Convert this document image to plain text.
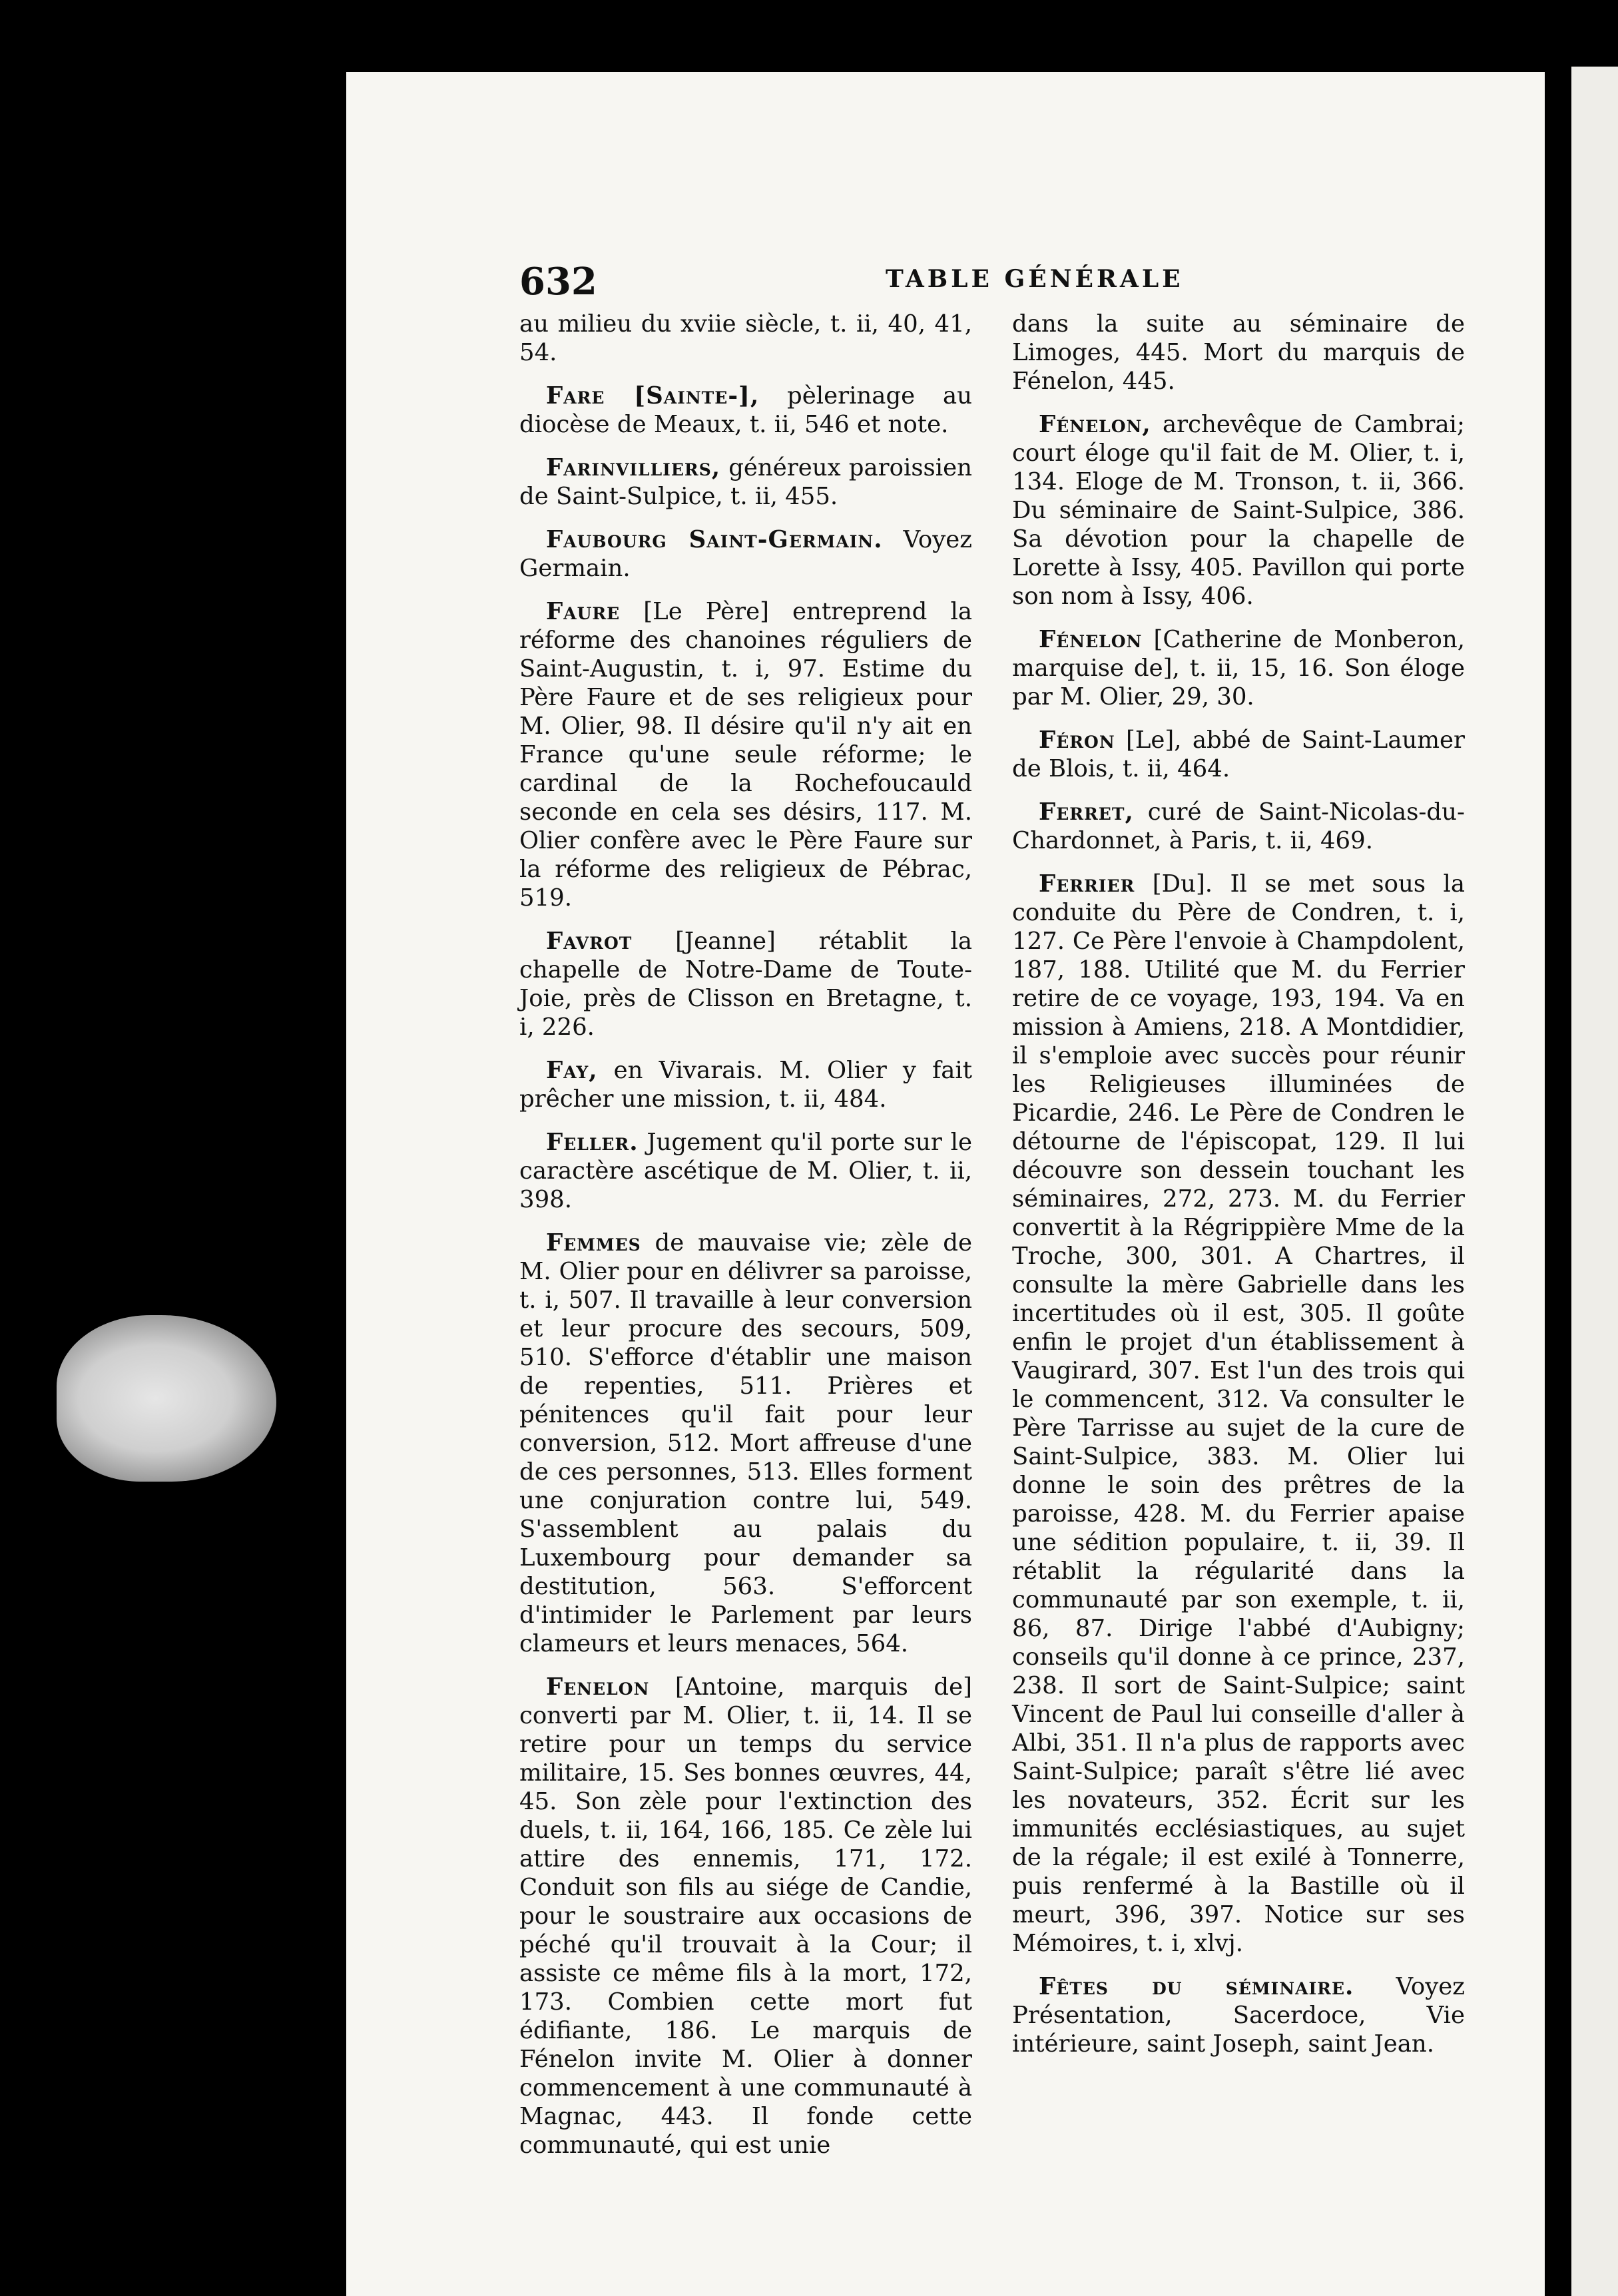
632	TABLE GÉNÉRALE

au milieu du xviie siècle, t. ii, 40, 41, 54.

Fare [Sainte-], pèlerinage au diocèse de Meaux, t. ii, 546 et note.

Farinvilliers, généreux paroissien de Saint-Sulpice, t. ii, 455.

Faubourg Saint-Germain. Voyez Germain.

Faure [Le Père] entreprend la réforme des chanoines réguliers de Saint-Augustin, t. i, 97. Estime du Père Faure et de ses religieux pour M. Olier, 98. Il désire qu'il n'y ait en France qu'une seule réforme; le cardinal de la Rochefoucauld seconde en cela ses désirs, 117. M. Olier confère avec le Père Faure sur la réforme des religieux de Pébrac, 519.

Favrot [Jeanne] rétablit la chapelle de Notre-Dame de Toute-Joie, près de Clisson en Bretagne, t. i, 226.

Fay, en Vivarais. M. Olier y fait prêcher une mission, t. ii, 484.

Feller. Jugement qu'il porte sur le caractère ascétique de M. Olier, t. ii, 398.

Femmes de mauvaise vie; zèle de M. Olier pour en délivrer sa paroisse, t. i, 507. Il travaille à leur conversion et leur procure des secours, 509, 510. S'efforce d'établir une maison de repenties, 511. Prières et pénitences qu'il fait pour leur conversion, 512. Mort affreuse d'une de ces personnes, 513. Elles forment une conjuration contre lui, 549. S'assemblent au palais du Luxembourg pour demander sa destitution, 563. S'efforcent d'intimider le Parlement par leurs clameurs et leurs menaces, 564.

Fenelon [Antoine, marquis de] converti par M. Olier, t. ii, 14. Il se retire pour un temps du service militaire, 15. Ses bonnes œuvres, 44, 45. Son zèle pour l'extinction des duels, t. ii, 164, 166, 185. Ce zèle lui attire des ennemis, 171, 172. Conduit son fils au siége de Candie, pour le soustraire aux occasions de péché qu'il trouvait à la Cour; il assiste ce même fils à la mort, 172, 173. Combien cette mort fut édifiante, 186. Le marquis de Fénelon invite M. Olier à donner commencement à une communauté à Magnac, 443. Il fonde cette communauté, qui est unie

dans la suite au séminaire de Limoges, 445. Mort du marquis de Fénelon, 445.

Fénelon, archevêque de Cambrai; court éloge qu'il fait de M. Olier, t. i, 134. Eloge de M. Tronson, t. ii, 366. Du séminaire de Saint-Sulpice, 386. Sa dévotion pour la chapelle de Lorette à Issy, 405. Pavillon qui porte son nom à Issy, 406.

Fénelon [Catherine de Monberon, marquise de], t. ii, 15, 16. Son éloge par M. Olier, 29, 30.

Féron [Le], abbé de Saint-Laumer de Blois, t. ii, 464.

Ferret, curé de Saint-Nicolas-du-Chardonnet, à Paris, t. ii, 469.

Ferrier [Du]. Il se met sous la conduite du Père de Condren, t. i, 127. Ce Père l'envoie à Champdolent, 187, 188. Utilité que M. du Ferrier retire de ce voyage, 193, 194. Va en mission à Amiens, 218. A Montdidier, il s'emploie avec succès pour réunir les Religieuses illuminées de Picardie, 246. Le Père de Condren le détourne de l'épiscopat, 129. Il lui découvre son dessein touchant les séminaires, 272, 273. M. du Ferrier convertit à la Régrippière Mme de la Troche, 300, 301. A Chartres, il consulte la mère Gabrielle dans les incertitudes où il est, 305. Il goûte enfin le projet d'un établissement à Vaugirard, 307. Est l'un des trois qui le commencent, 312. Va consulter le Père Tarrisse au sujet de la cure de Saint-Sulpice, 383. M. Olier lui donne le soin des prêtres de la paroisse, 428. M. du Ferrier apaise une sédition populaire, t. ii, 39. Il rétablit la régularité dans la communauté par son exemple, t. ii, 86, 87. Dirige l'abbé d'Aubigny; conseils qu'il donne à ce prince, 237, 238. Il sort de Saint-Sulpice; saint Vincent de Paul lui conseille d'aller à Albi, 351. Il n'a plus de rapports avec Saint-Sulpice; paraît s'être lié avec les novateurs, 352. Écrit sur les immunités ecclésiastiques, au sujet de la régale; il est exilé à Tonnerre, puis renfermé à la Bastille où il meurt, 396, 397. Notice sur ses Mémoires, t. i, xlvj.

Fêtes du séminaire. Voyez Présentation, Sacerdoce, Vie intérieure, saint Joseph, saint Jean.
